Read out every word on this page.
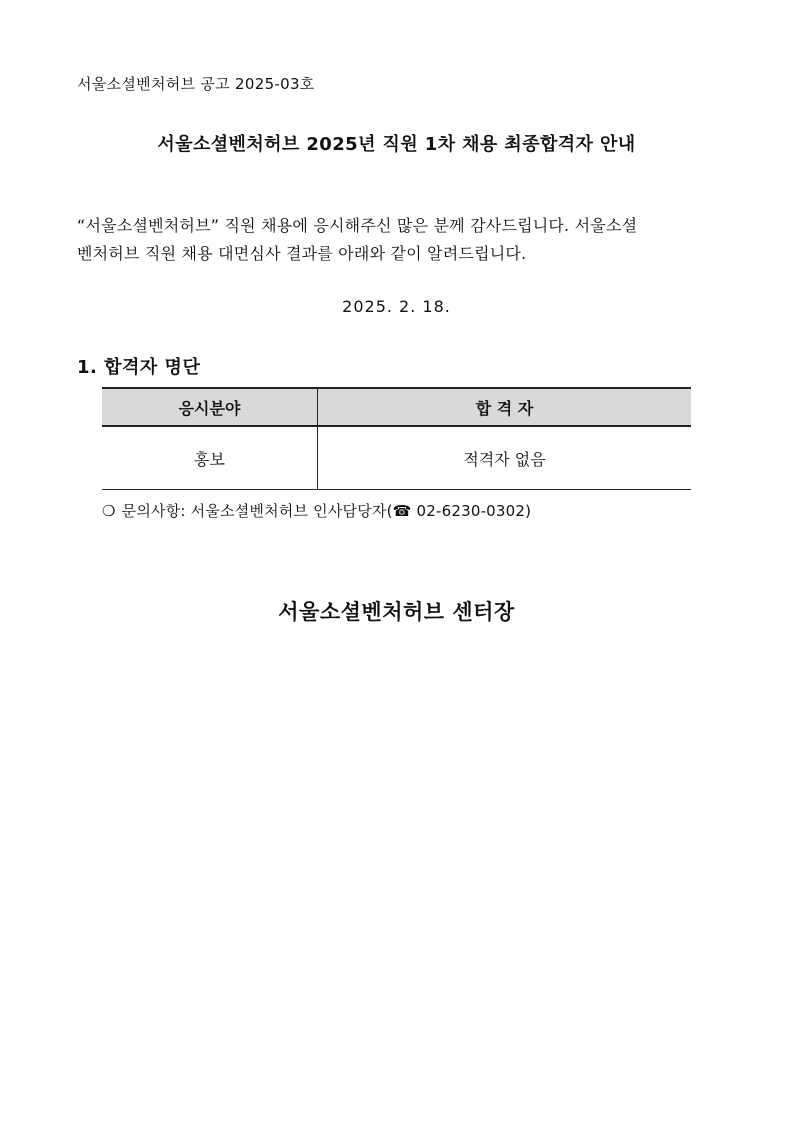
서울소셜벤처허브 공고 2025-03호
서울소셜벤처허브 2025년 직원 1차 채용 최종합격자 안내
“서울소셜벤처허브” 직원 채용에 응시해주신 많은 분께 감사드립니다. 서울소셜
벤처허브 직원 채용 대면심사 결과를 아래와 같이 알려드립니다.
2025. 2. 18.
1. 합격자 명단
응시분야	합 격 자
홍보	적격자 없음
❍ 문의사항: 서울소셜벤처허브 인사담당자(☎ 02-6230-0302)
서울소셜벤처허브 센터장
